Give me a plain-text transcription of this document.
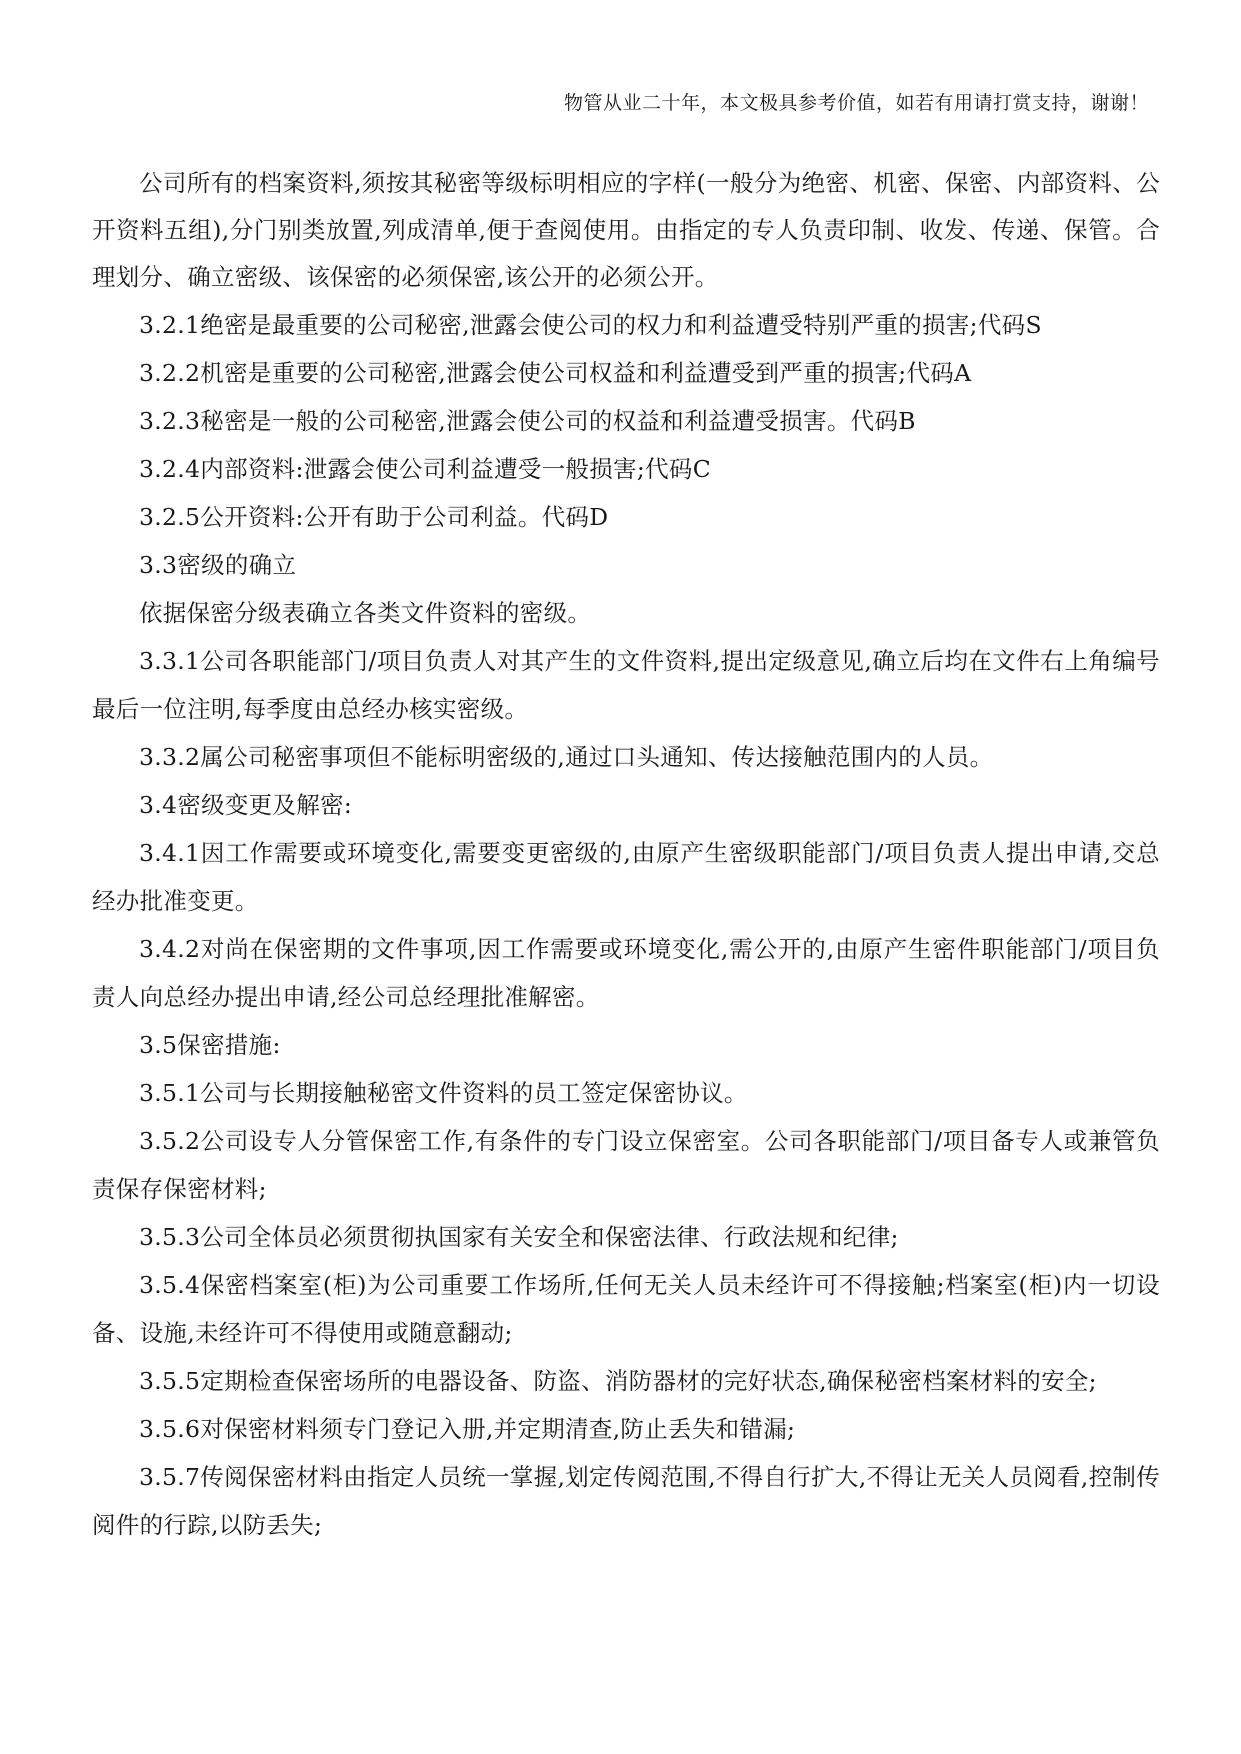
物管从业二十年，本文极具参考价值，如若有用请打赏支持，谢谢！

公司所有的档案资料,须按其秘密等级标明相应的字样(一般分为绝密、机密、保密、内部资料、公开资料五组),分门别类放置,列成清单,便于查阅使用。由指定的专人负责印制、收发、传递、保管。合理划分、确立密级、该保密的必须保密,该公开的必须公开。

3.2.1绝密是最重要的公司秘密,泄露会使公司的权力和利益遭受特别严重的损害;代码S

3.2.2机密是重要的公司秘密,泄露会使公司权益和利益遭受到严重的损害;代码A

3.2.3秘密是一般的公司秘密,泄露会使公司的权益和利益遭受损害。代码B

3.2.4内部资料:泄露会使公司利益遭受一般损害;代码C

3.2.5公开资料:公开有助于公司利益。代码D

3.3密级的确立

依据保密分级表确立各类文件资料的密级。

3.3.1公司各职能部门/项目负责人对其产生的文件资料,提出定级意见,确立后均在文件右上角编号最后一位注明,每季度由总经办核实密级。

3.3.2属公司秘密事项但不能标明密级的,通过口头通知、传达接触范围内的人员。

3.4密级变更及解密:

3.4.1因工作需要或环境变化,需要变更密级的,由原产生密级职能部门/项目负责人提出申请,交总经办批准变更。

3.4.2对尚在保密期的文件事项,因工作需要或环境变化,需公开的,由原产生密件职能部门/项目负责人向总经办提出申请,经公司总经理批准解密。

3.5保密措施:

3.5.1公司与长期接触秘密文件资料的员工签定保密协议。

3.5.2公司设专人分管保密工作,有条件的专门设立保密室。公司各职能部门/项目备专人或兼管负责保存保密材料;

3.5.3公司全体员必须贯彻执国家有关安全和保密法律、行政法规和纪律;

3.5.4保密档案室(柜)为公司重要工作场所,任何无关人员未经许可不得接触;档案室(柜)内一切设备、设施,未经许可不得使用或随意翻动;

3.5.5定期检查保密场所的电器设备、防盗、消防器材的完好状态,确保秘密档案材料的安全;

3.5.6对保密材料须专门登记入册,并定期清查,防止丢失和错漏;

3.5.7传阅保密材料由指定人员统一掌握,划定传阅范围,不得自行扩大,不得让无关人员阅看,控制传阅件的行踪,以防丢失;
